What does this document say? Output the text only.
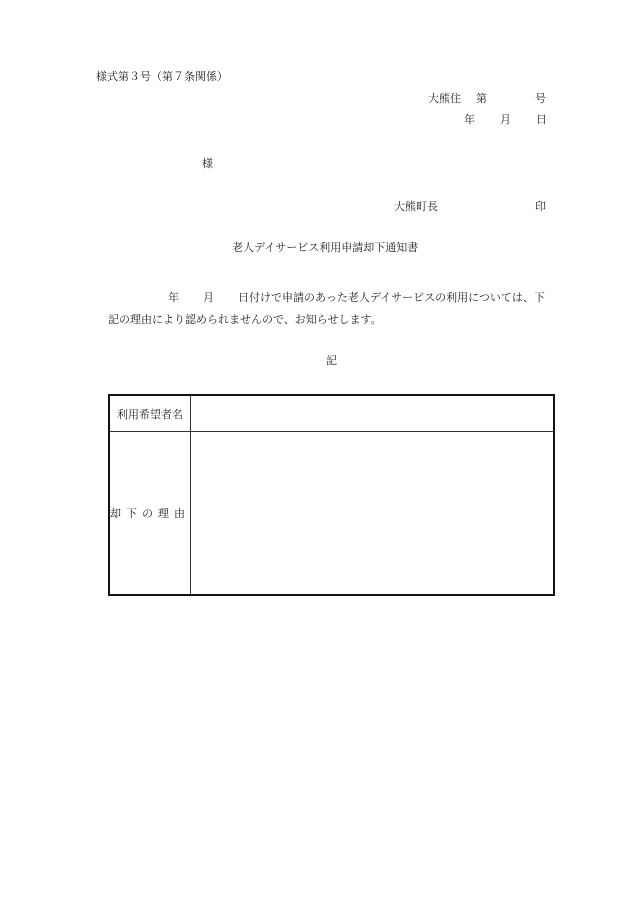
様式第３号（第７条関係）
大熊住 第	号
年 月 日
様
大熊町長	印
老人デイサービス利用申請却下通知書
年 月 日付けで申請のあった老人デイサービスの利用については、下
記の理由により認められませんので、お知らせします。
記
利用希望者名
却下の理由
